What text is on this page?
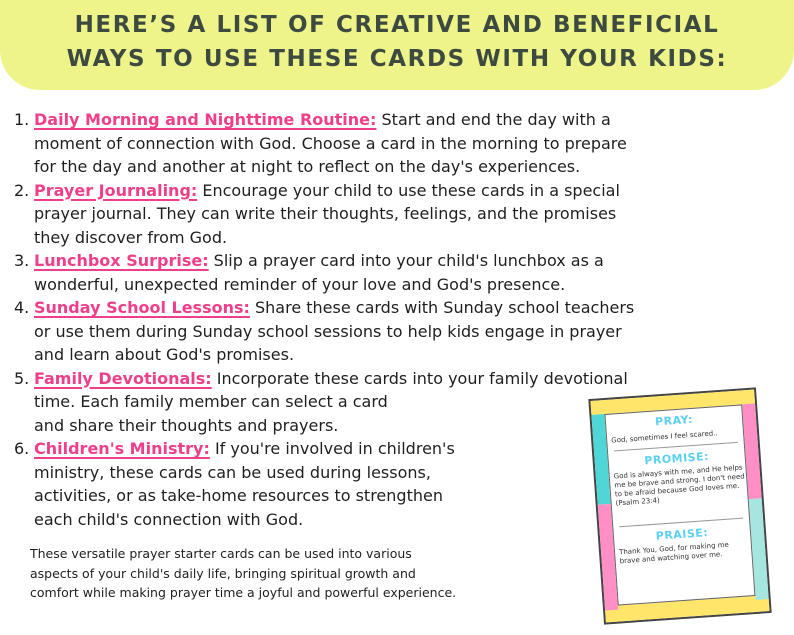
HERE’S A LIST OF CREATIVE AND BENEFICIAL
WAYS TO USE THESE CARDS WITH YOUR KIDS:
1. Daily Morning and Nighttime Routine: Start and end the day with a
moment of connection with God. Choose a card in the morning to prepare
for the day and another at night to reflect on the day's experiences.
2. Prayer Journaling: Encourage your child to use these cards in a special
prayer journal. They can write their thoughts, feelings, and the promises
they discover from God.
3. Lunchbox Surprise: Slip a prayer card into your child's lunchbox as a
wonderful, unexpected reminder of your love and God's presence.
4. Sunday School Lessons: Share these cards with Sunday school teachers
or use them during Sunday school sessions to help kids engage in prayer
and learn about God's promises.
5. Family Devotionals: Incorporate these cards into your family devotional
time. Each family member can select a card
and share their thoughts and prayers.
6. Children's Ministry: If you're involved in children's
ministry, these cards can be used during lessons,
activities, or as take-home resources to strengthen
each child's connection with God.
These versatile prayer starter cards can be used into various
aspects of your child's daily life, bringing spiritual growth and
comfort while making prayer time a joyful and powerful experience.
PRAY:
God, sometimes I feel scared..
PROMISE:
God is always with me, and He helps me be brave and strong. I don't need to be afraid because God loves me. (Psalm 23:4)
PRAISE:
Thank You, God, for making me brave and watching over me.
